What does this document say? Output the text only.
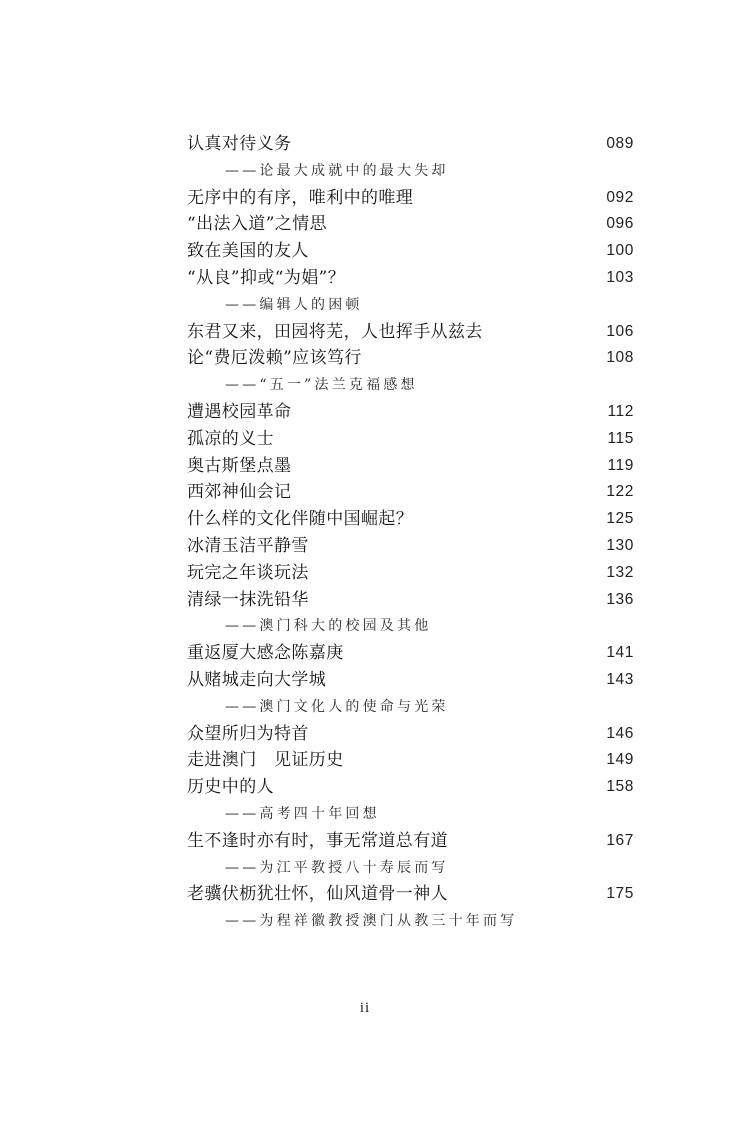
认真对待义务	089
——论最大成就中的最大失却
无序中的有序，唯利中的唯理	092
“出法入道”之情思	096
致在美国的友人	100
“从良”抑或“为娼”？	103
——编辑人的困顿
东君又来，田园将芜，人也挥手从兹去	106
论“费厄泼赖”应该笃行	108
——“五一”法兰克福感想
遭遇校园革命	112
孤凉的义士	115
奥古斯堡点墨	119
西郊神仙会记	122
什么样的文化伴随中国崛起？	125
冰清玉洁平静雪	130
玩完之年谈玩法	132
清绿一抹洗铅华	136
——澳门科大的校园及其他
重返厦大感念陈嘉庚	141
从赌城走向大学城	143
——澳门文化人的使命与光荣
众望所归为特首	146
走进澳门　见证历史	149
历史中的人	158
——高考四十年回想
生不逢时亦有时，事无常道总有道	167
——为江平教授八十寿辰而写
老骥伏枥犹壮怀，仙风道骨一神人	175
——为程祥徽教授澳门从教三十年而写
ii
